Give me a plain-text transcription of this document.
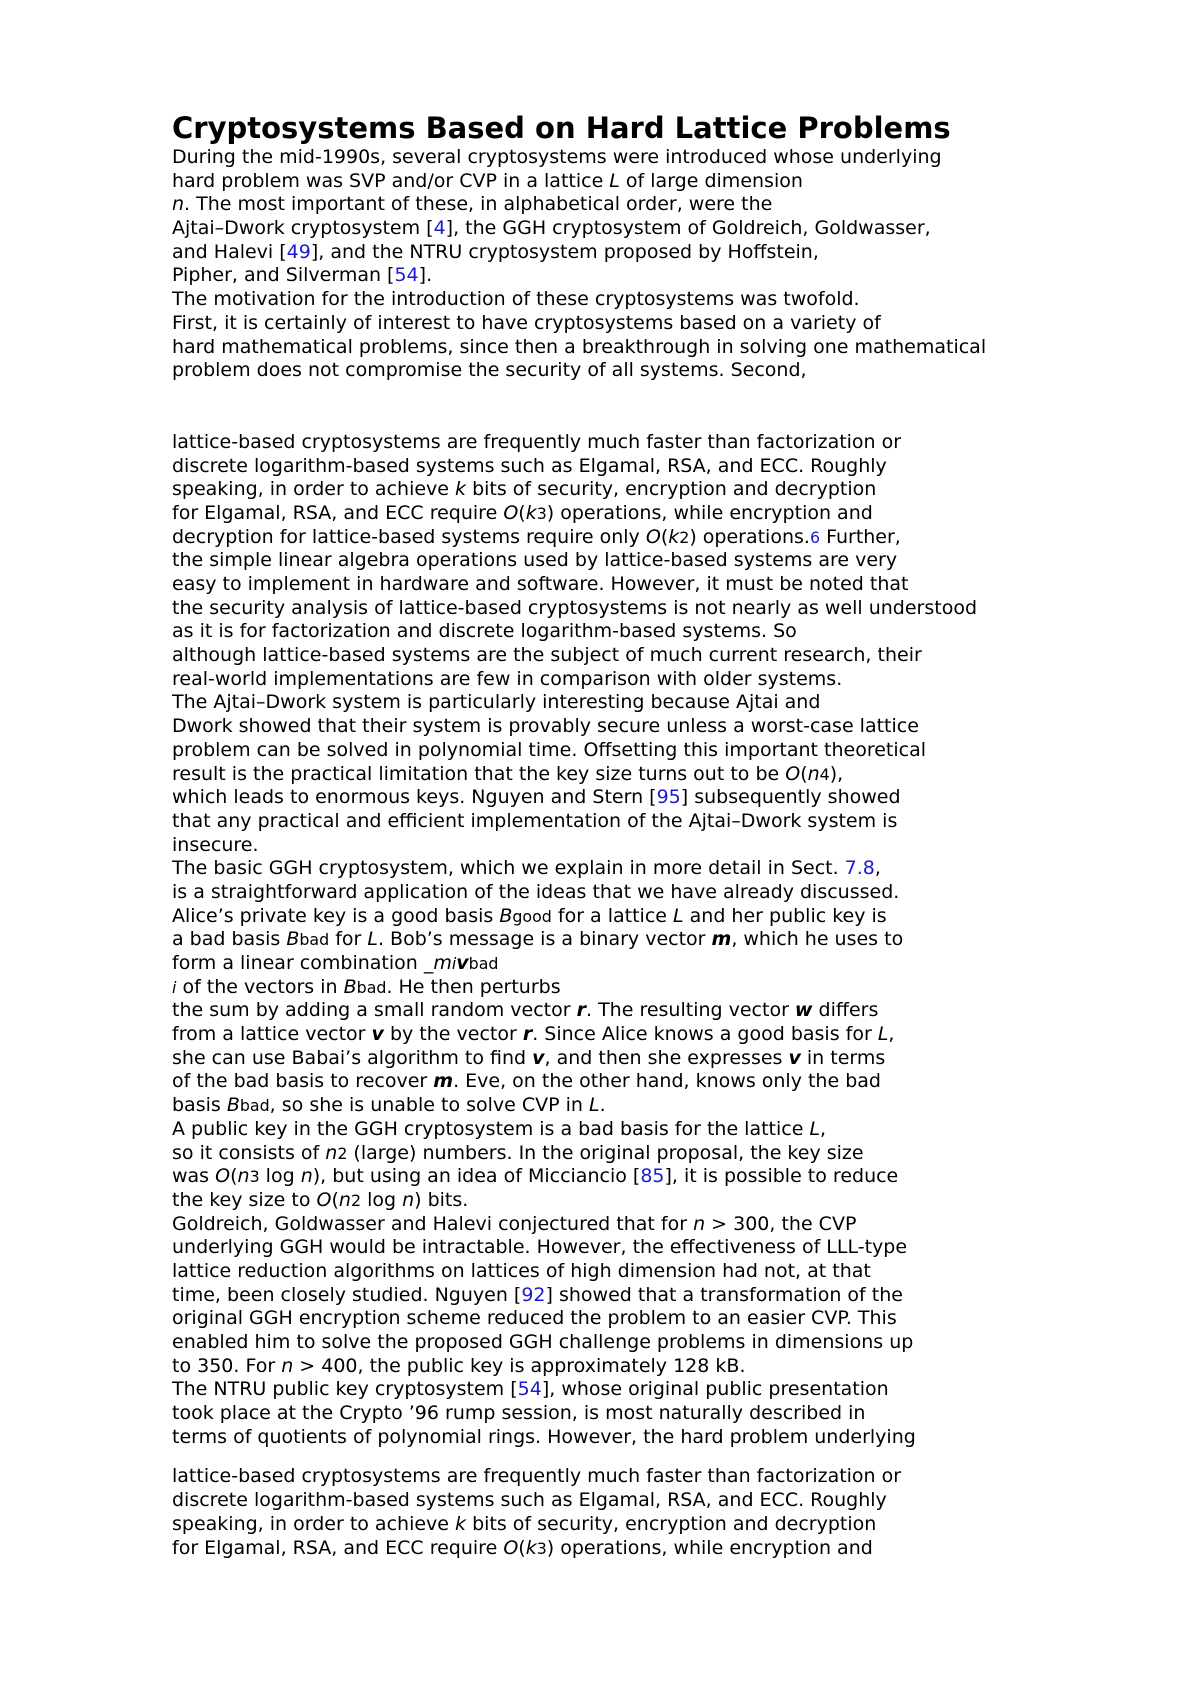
Cryptosystems Based on Hard Lattice Problems
During the mid-1990s, several cryptosystems were introduced whose underlying
hard problem was SVP and/or CVP in a lattice L of large dimension
n. The most important of these, in alphabetical order, were the
Ajtai–Dwork cryptosystem [4], the GGH cryptosystem of Goldreich, Goldwasser,
and Halevi [49], and the NTRU cryptosystem proposed by Hoffstein,
Pipher, and Silverman [54].
The motivation for the introduction of these cryptosystems was twofold.
First, it is certainly of interest to have cryptosystems based on a variety of
hard mathematical problems, since then a breakthrough in solving one mathematical
problem does not compromise the security of all systems. Second,
lattice-based cryptosystems are frequently much faster than factorization or
discrete logarithm-based systems such as Elgamal, RSA, and ECC. Roughly
speaking, in order to achieve k bits of security, encryption and decryption
for Elgamal, RSA, and ECC require O(k3) operations, while encryption and
decryption for lattice-based systems require only O(k2) operations.6 Further,
the simple linear algebra operations used by lattice-based systems are very
easy to implement in hardware and software. However, it must be noted that
the security analysis of lattice-based cryptosystems is not nearly as well understood
as it is for factorization and discrete logarithm-based systems. So
although lattice-based systems are the subject of much current research, their
real-world implementations are few in comparison with older systems.
The Ajtai–Dwork system is particularly interesting because Ajtai and
Dwork showed that their system is provably secure unless a worst-case lattice
problem can be solved in polynomial time. Offsetting this important theoretical
result is the practical limitation that the key size turns out to be O(n4),
which leads to enormous keys. Nguyen and Stern [95] subsequently showed
that any practical and efficient implementation of the Ajtai–Dwork system is
insecure.
The basic GGH cryptosystem, which we explain in more detail in Sect. 7.8,
is a straightforward application of the ideas that we have already discussed.
Alice’s private key is a good basis Bgood for a lattice L and her public key is
a bad basis Bbad for L. Bob’s message is a binary vector m, which he uses to
form a linear combination _mivbad
i of the vectors in Bbad. He then perturbs
the sum by adding a small random vector r. The resulting vector w differs
from a lattice vector v by the vector r. Since Alice knows a good basis for L,
she can use Babai’s algorithm to find v, and then she expresses v in terms
of the bad basis to recover m. Eve, on the other hand, knows only the bad
basis Bbad, so she is unable to solve CVP in L.
A public key in the GGH cryptosystem is a bad basis for the lattice L,
so it consists of n2 (large) numbers. In the original proposal, the key size
was O(n3 log n), but using an idea of Micciancio [85], it is possible to reduce
the key size to O(n2 log n) bits.
Goldreich, Goldwasser and Halevi conjectured that for n > 300, the CVP
underlying GGH would be intractable. However, the effectiveness of LLL-type
lattice reduction algorithms on lattices of high dimension had not, at that
time, been closely studied. Nguyen [92] showed that a transformation of the
original GGH encryption scheme reduced the problem to an easier CVP. This
enabled him to solve the proposed GGH challenge problems in dimensions up
to 350. For n > 400, the public key is approximately 128 kB.
The NTRU public key cryptosystem [54], whose original public presentation
took place at the Crypto ’96 rump session, is most naturally described in
terms of quotients of polynomial rings. However, the hard problem underlying
lattice-based cryptosystems are frequently much faster than factorization or
discrete logarithm-based systems such as Elgamal, RSA, and ECC. Roughly
speaking, in order to achieve k bits of security, encryption and decryption
for Elgamal, RSA, and ECC require O(k3) operations, while encryption and
